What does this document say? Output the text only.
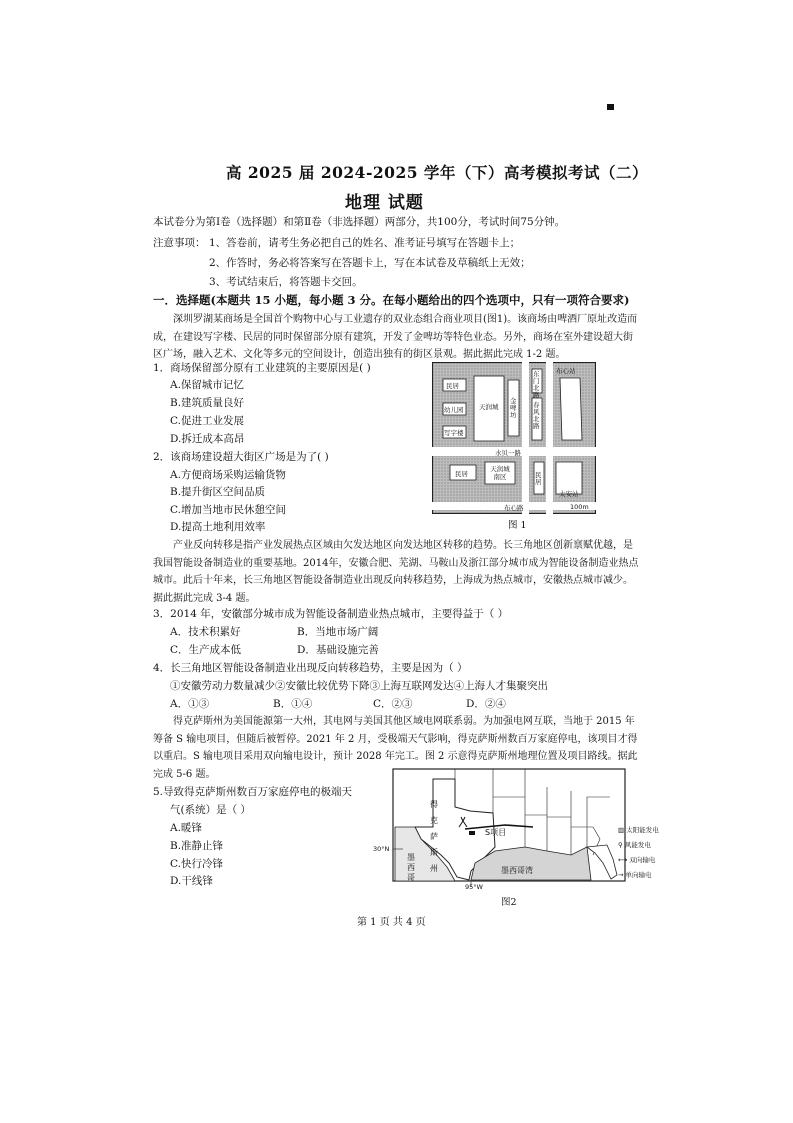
高 2025 届 2024-2025 学年（下）高考模拟考试（二）
地理 试题
本试卷分为第Ⅰ卷（选择题）和第Ⅱ卷（非选择题）两部分，共100分，考试时间75分钟。
注意事项： 1、答卷前，请考生务必把自己的姓名、准考证号填写在答题卡上；
2、作答时，务必将答案写在答题卡上，写在本试卷及草稿纸上无效；
3、考试结束后，将答题卡交回。
一．选择题(本题共 15 小题，每小题 3 分。在每小题给出的四个选项中，只有一项符合要求)
深圳罗湖某商场是全国首个购物中心与工业遗存的双业态组合商业项目(图1)。该商场由啤酒厂原址改造而成，在建设写字楼、民居的同时保留部分原有建筑，开发了金啤坊等特色业态。另外，商场在室外建设超大街区广场，融入艺术、文化等多元的空间设计，创造出独有的街区景观。据此据此完成 1-2 题。
1．商场保留部分原有工业建筑的主要原因是( )
A.保留城市记忆
B.建筑质量良好
C.促进工业发展
D.拆迁成本高昂
2．该商场建设超大街区广场是为了( )
A.方便商场采购运输货物
B.提升街区空间品质
C.增加当地市民休憩空间
D.提高土地利用效率
民居
幼儿园
写字楼
天润城
金啤坊
东门北路
春风北路
布心站
水贝一路
民居
天润城
南区	民居
太安站
布心路	100m
图 1
产业反向转移是指产业发展热点区域由欠发达地区向发达地区转移的趋势。长三角地区创新禀赋优越，是我国智能设备制造业的重要基地。2014年，安徽合肥、芜湖、马鞍山及浙江部分城市成为智能设备制造业热点城市。此后十年来，长三角地区智能设备制造业出现反向转移趋势，上海成为热点城市，安徽热点城市减少。据此据此完成 3-4 题。
3．2014 年，安徽部分城市成为智能设备制造业热点城市，主要得益于（ ）
A．技术积累好	B．当地市场广阔
C．生产成本低	D．基础设施完善
4．长三角地区智能设备制造业出现反向转移趋势，主要是因为（ ）
①安徽劳动力数量减少②安徽比较优势下降③上海互联网发达④上海人才集聚突出
A．①③	B．①④	C．②③	D．②④
得克萨斯州为美国能源第一大州，其电网与美国其他区域电网联系弱。为加强电网互联，当地于 2015 年筹备 S 输电项目，但随后被暂停。2021 年 2 月，受极端天气影响，得克萨斯州数百万家庭停电，该项目才得以重启。S 输电项目采用双向输电设计，预计 2028 年完工。图 2 示意得克萨斯州地理位置及项目路线。据此完成 5-6 题。
5.导致得克萨斯州数百万家庭停电的极端天
气(系统）是（ ）
A.暖锋
B.准静止锋
C.快行冷锋
D.干线锋
30°N
95°W
得克萨斯州
S项目
墨西哥
墨西哥湾
▥ 太阳能发电
⚲ 风能发电
⟷ 双向输电
→ 单向输电
图2
第 1 页 共 4 页
